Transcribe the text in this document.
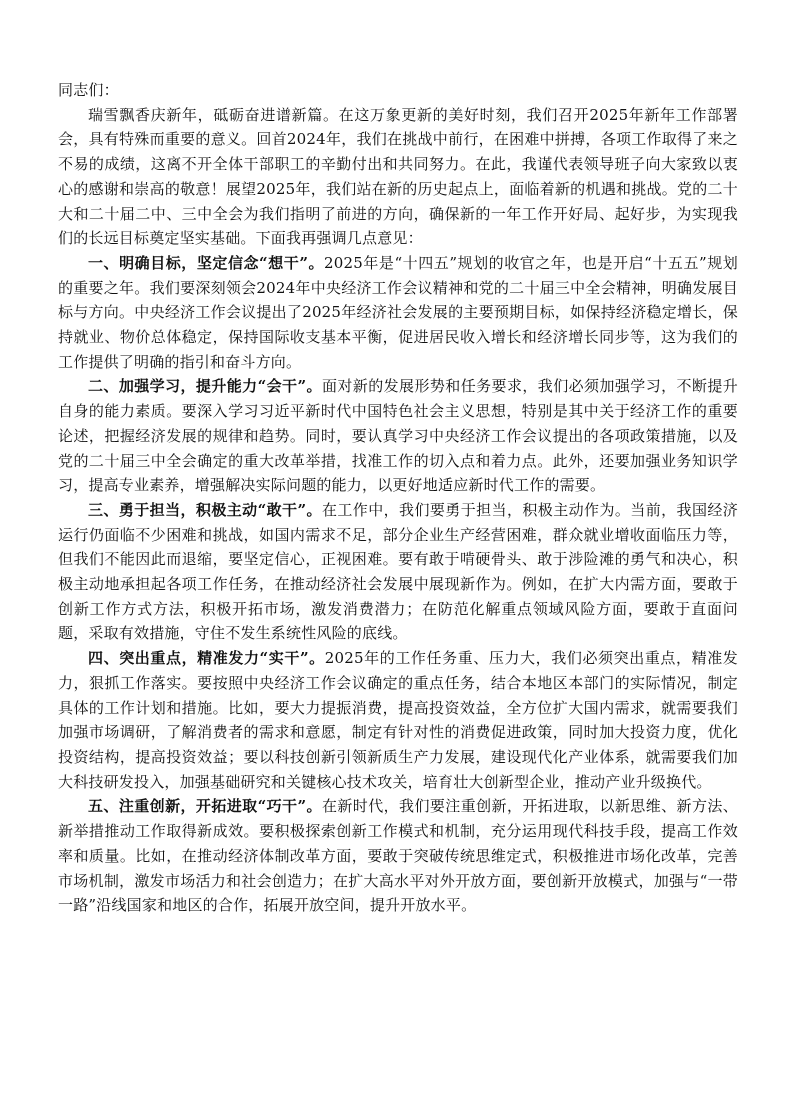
同志们：

瑞雪飘香庆新年，砥砺奋进谱新篇。在这万象更新的美好时刻，我们召开2025年新年工作部署会，具有特殊而重要的意义。回首2024年，我们在挑战中前行，在困难中拼搏，各项工作取得了来之不易的成绩，这离不开全体干部职工的辛勤付出和共同努力。在此，我谨代表领导班子向大家致以衷心的感谢和崇高的敬意！展望2025年，我们站在新的历史起点上，面临着新的机遇和挑战。党的二十大和二十届二中、三中全会为我们指明了前进的方向，确保新的一年工作开好局、起好步，为实现我们的长远目标奠定坚实基础。下面我再强调几点意见：

一、明确目标，坚定信念“想干”。2025年是“十四五”规划的收官之年，也是开启“十五五”规划的重要之年。我们要深刻领会2024年中央经济工作会议精神和党的二十届三中全会精神，明确发展目标与方向。中央经济工作会议提出了2025年经济社会发展的主要预期目标，如保持经济稳定增长，保持就业、物价总体稳定，保持国际收支基本平衡，促进居民收入增长和经济增长同步等，这为我们的工作提供了明确的指引和奋斗方向。

二、加强学习，提升能力“会干”。面对新的发展形势和任务要求，我们必须加强学习，不断提升自身的能力素质。要深入学习习近平新时代中国特色社会主义思想，特别是其中关于经济工作的重要论述，把握经济发展的规律和趋势。同时，要认真学习中央经济工作会议提出的各项政策措施，以及党的二十届三中全会确定的重大改革举措，找准工作的切入点和着力点。此外，还要加强业务知识学习，提高专业素养，增强解决实际问题的能力，以更好地适应新时代工作的需要。

三、勇于担当，积极主动“敢干”。在工作中，我们要勇于担当，积极主动作为。当前，我国经济运行仍面临不少困难和挑战，如国内需求不足，部分企业生产经营困难，群众就业增收面临压力等，但我们不能因此而退缩，要坚定信心，正视困难。要有敢于啃硬骨头、敢于涉险滩的勇气和决心，积极主动地承担起各项工作任务，在推动经济社会发展中展现新作为。例如，在扩大内需方面，要敢于创新工作方式方法，积极开拓市场，激发消费潜力；在防范化解重点领域风险方面，要敢于直面问题，采取有效措施，守住不发生系统性风险的底线。

四、突出重点，精准发力“实干”。2025年的工作任务重、压力大，我们必须突出重点，精准发力，狠抓工作落实。要按照中央经济工作会议确定的重点任务，结合本地区本部门的实际情况，制定具体的工作计划和措施。比如，要大力提振消费，提高投资效益，全方位扩大国内需求，就需要我们加强市场调研，了解消费者的需求和意愿，制定有针对性的消费促进政策，同时加大投资力度，优化投资结构，提高投资效益；要以科技创新引领新质生产力发展，建设现代化产业体系，就需要我们加大科技研发投入，加强基础研究和关键核心技术攻关，培育壮大创新型企业，推动产业升级换代。

五、注重创新，开拓进取“巧干”。在新时代，我们要注重创新，开拓进取，以新思维、新方法、新举措推动工作取得新成效。要积极探索创新工作模式和机制，充分运用现代科技手段，提高工作效率和质量。比如，在推动经济体制改革方面，要敢于突破传统思维定式，积极推进市场化改革，完善市场机制，激发市场活力和社会创造力；在扩大高水平对外开放方面，要创新开放模式，加强与“一带一路”沿线国家和地区的合作，拓展开放空间，提升开放水平。
